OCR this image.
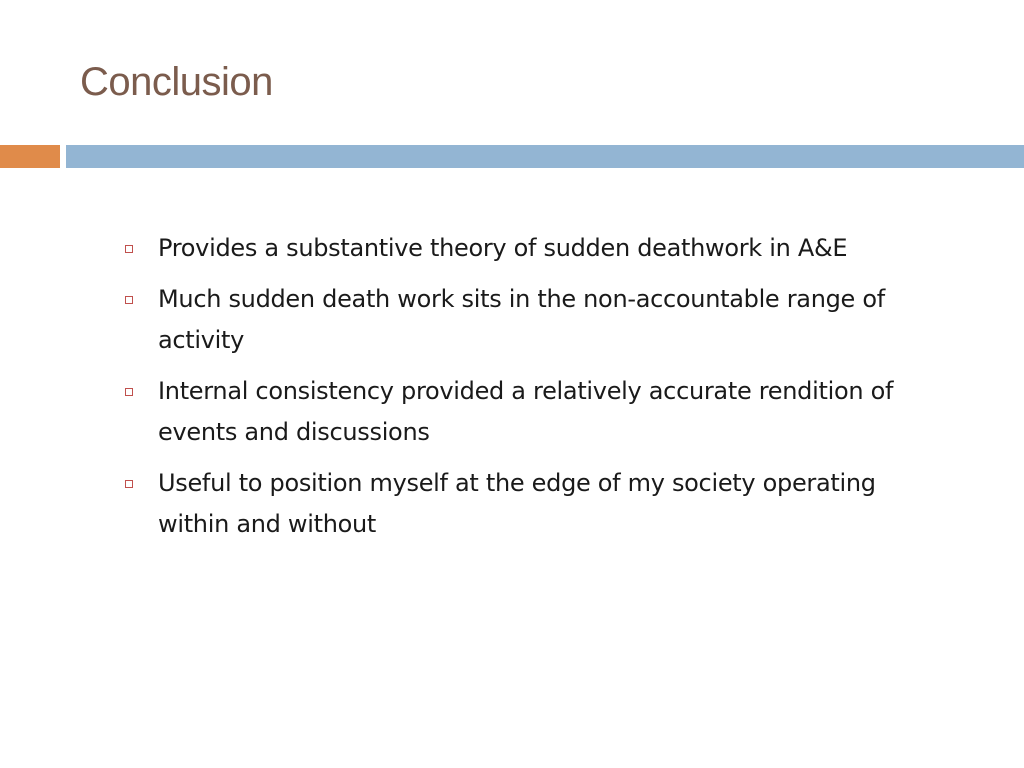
Conclusion
Provides a substantive theory of sudden deathwork in A&E
Much sudden death work sits in the non-accountable range of activity
Internal consistency provided a relatively accurate rendition of events and discussions
Useful to position myself at the edge of my society operating within and without
